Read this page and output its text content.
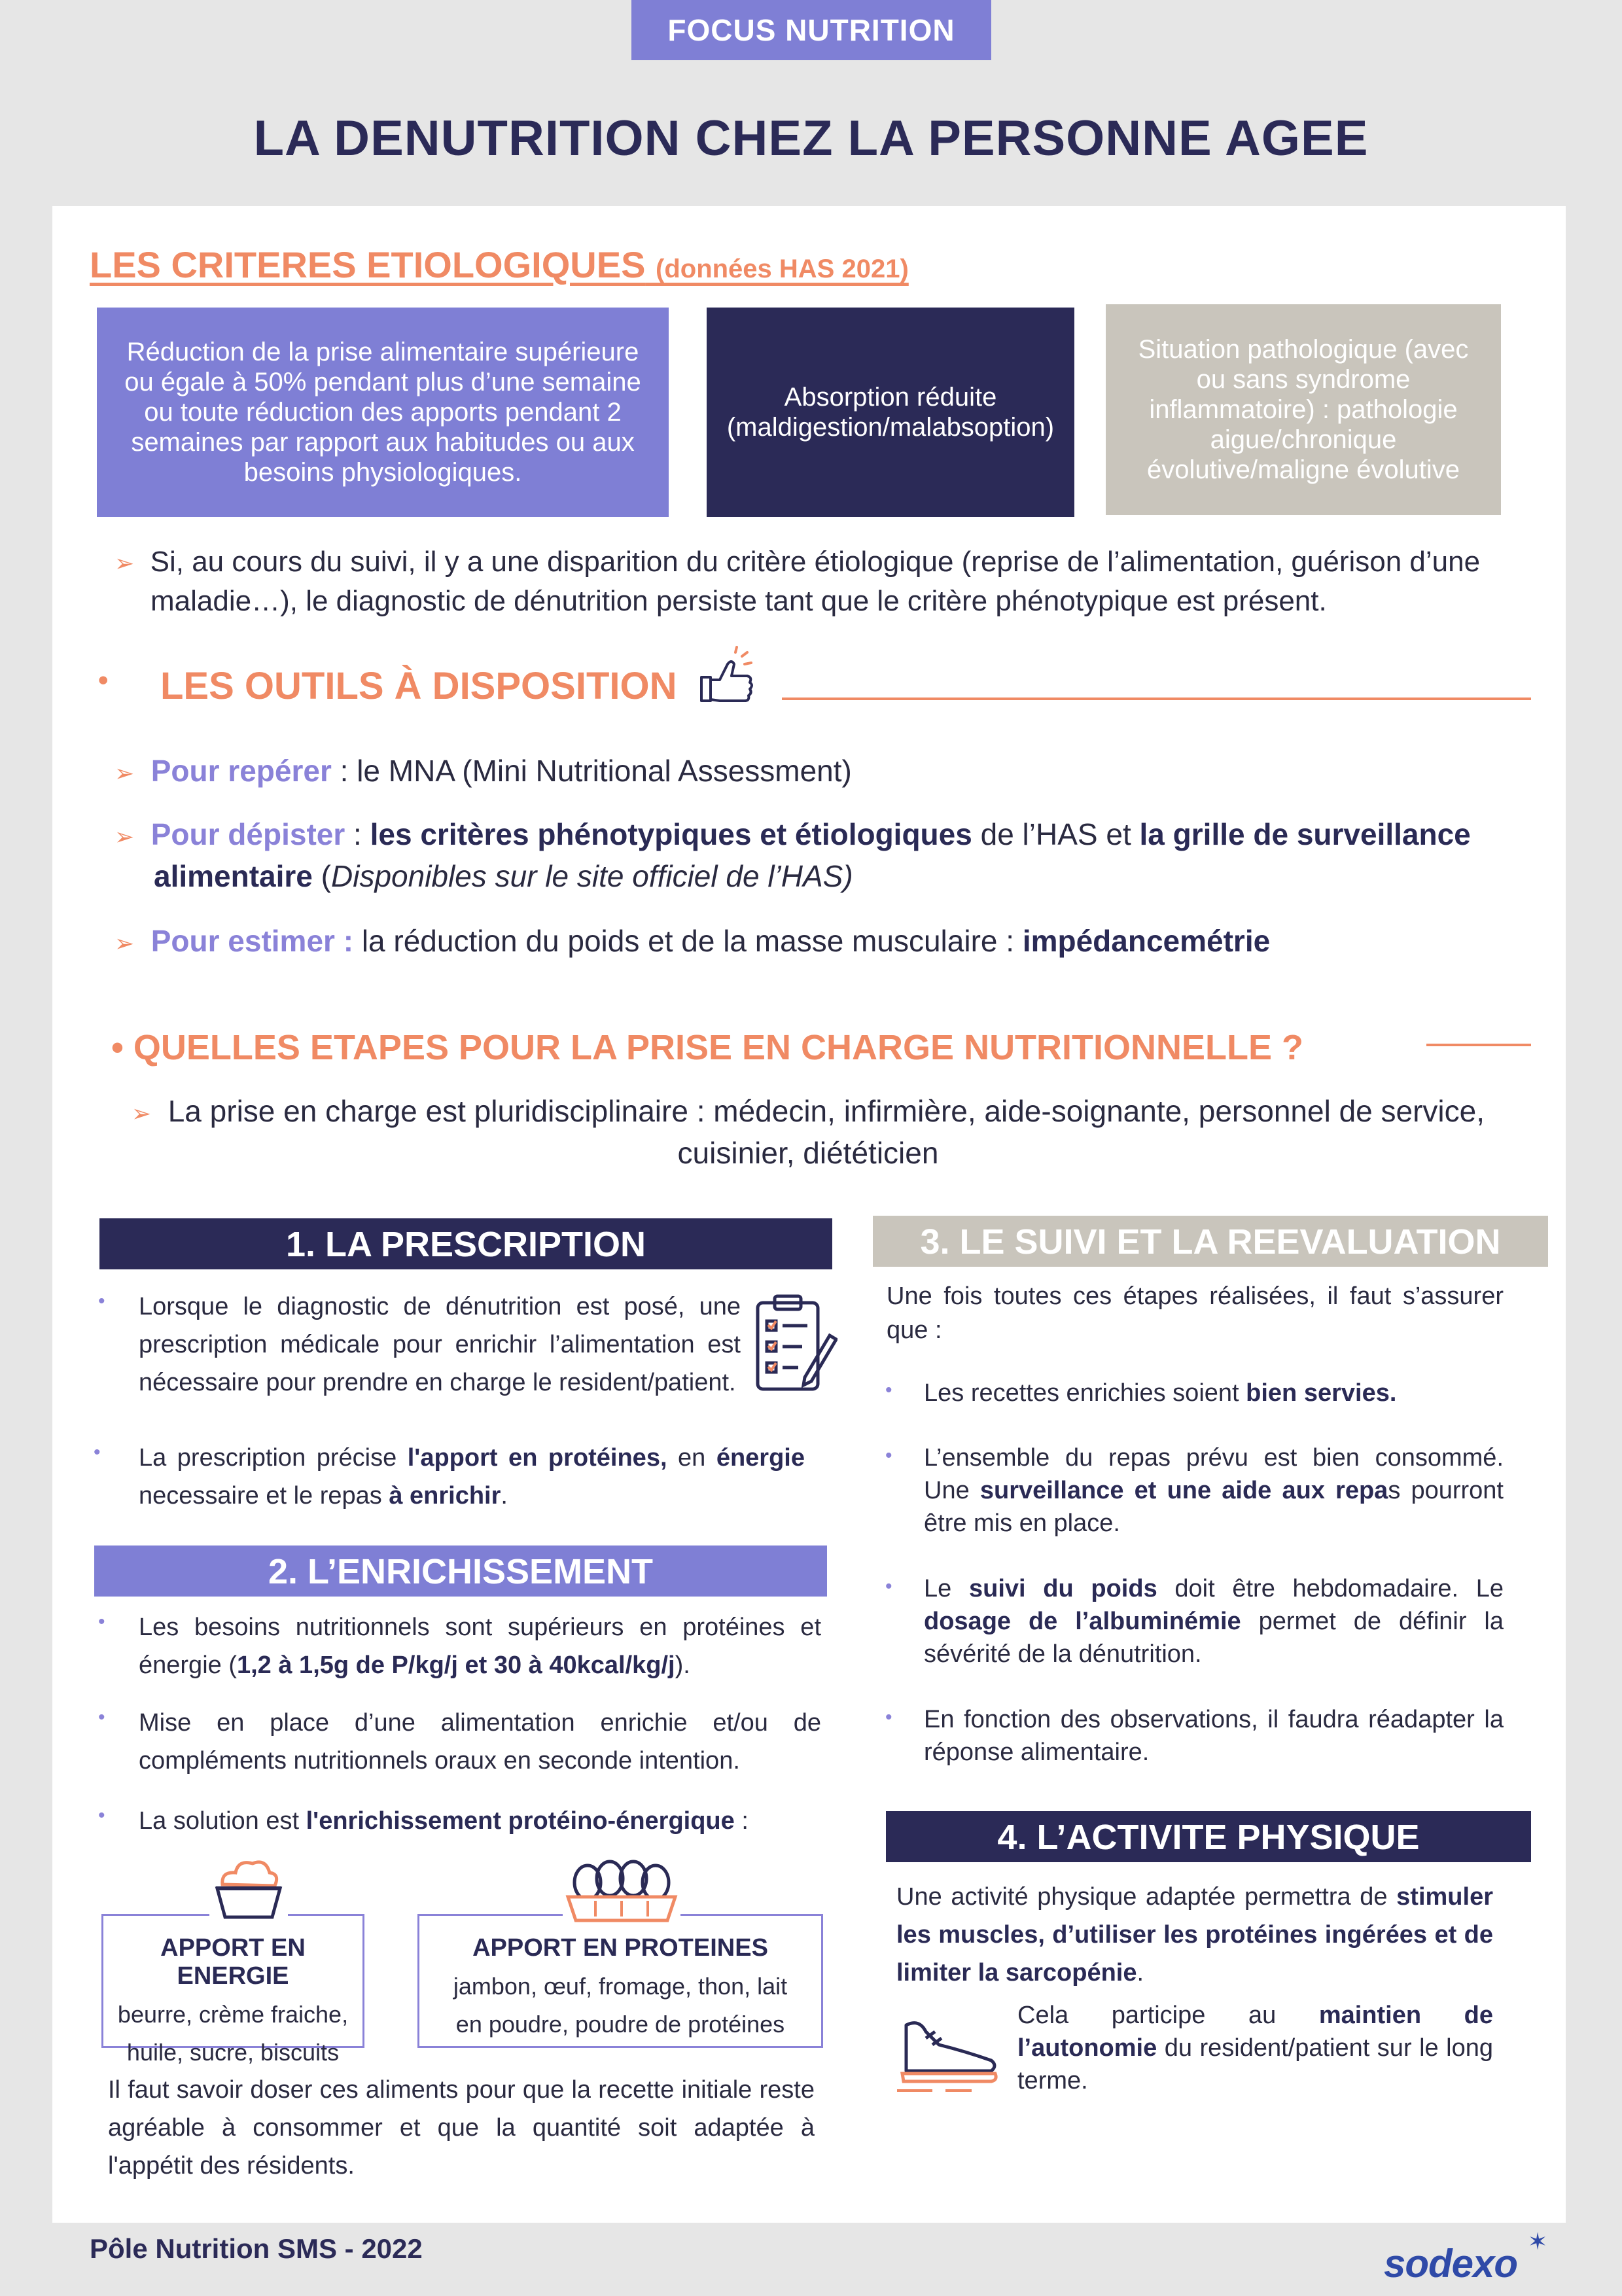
FOCUS NUTRITION
LA DENUTRITION CHEZ LA PERSONNE AGEE
LES CRITERES ETIOLOGIQUES (données HAS 2021)
Réduction de la prise alimentaire supérieure ou égale à 50% pendant plus d’une semaine ou toute réduction des apports pendant 2 semaines par rapport aux habitudes ou aux besoins physiologiques.
Absorption réduite (maldigestion/malabsoption)
Situation pathologique (avec ou sans syndrome inflammatoire) : pathologie aigue/chronique évolutive/maligne évolutive
➢ Si, au cours du suivi, il y a une disparition du critère étiologique (reprise de l’alimentation, guérison d’une maladie…), le diagnostic de dénutrition persiste tant que le critère phénotypique est présent.
• LES OUTILS À DISPOSITION
➢ Pour repérer : le MNA (Mini Nutritional Assessment)
➢ Pour dépister : les critères phénotypiques et étiologiques de l’HAS et la grille de surveillance alimentaire (Disponibles sur le site officiel de l’HAS)
➢ Pour estimer : la réduction du poids et de la masse musculaire : impédancemétrie
• QUELLES ETAPES POUR LA PRISE EN CHARGE NUTRITIONNELLE ?
➢ La prise en charge est pluridisciplinaire : médecin, infirmière, aide-soignante, personnel de service, cuisinier, diététicien
1. LA PRESCRIPTION
• Lorsque le diagnostic de dénutrition est posé, une prescription médicale pour enrichir l’alimentation est nécessaire pour prendre en charge le resident/patient.
• La prescription précise l'apport en protéines, en énergie necessaire et le repas à enrichir.
2. L’ENRICHISSEMENT
• Les besoins nutritionnels sont supérieurs en protéines et énergie (1,2 à 1,5g de P/kg/j et 30 à 40kcal/kg/j).
• Mise en place d’une alimentation enrichie et/ou de compléments nutritionnels oraux en seconde intention.
• La solution est l'enrichissement protéino-énergique :
APPORT EN ENERGIE
beurre, crème fraiche,
huile, sucre, biscuits
APPORT EN PROTEINES
jambon, œuf, fromage, thon, lait
en poudre, poudre de protéines
Il faut savoir doser ces aliments pour que la recette initiale reste agréable à consommer et que la quantité soit adaptée à l'appétit des résidents.
3. LE SUIVI ET LA REEVALUATION
Une fois toutes ces étapes réalisées, il faut s’assurer que :
• Les recettes enrichies soient bien servies.
• L’ensemble du repas prévu est bien consommé. Une surveillance et une aide aux repas pourront être mis en place.
• Le suivi du poids doit être hebdomadaire. Le dosage de l’albuminémie permet de définir la sévérité de la dénutrition.
• En fonction des observations, il faudra réadapter la réponse alimentaire.
4. L’ACTIVITE PHYSIQUE
Une activité physique adaptée permettra de stimuler les muscles, d’utiliser les protéines ingérées et de limiter la sarcopénie.
Cela participe au maintien de l’autonomie du resident/patient sur le long terme.
Pôle Nutrition SMS - 2022	sodexo
✶
